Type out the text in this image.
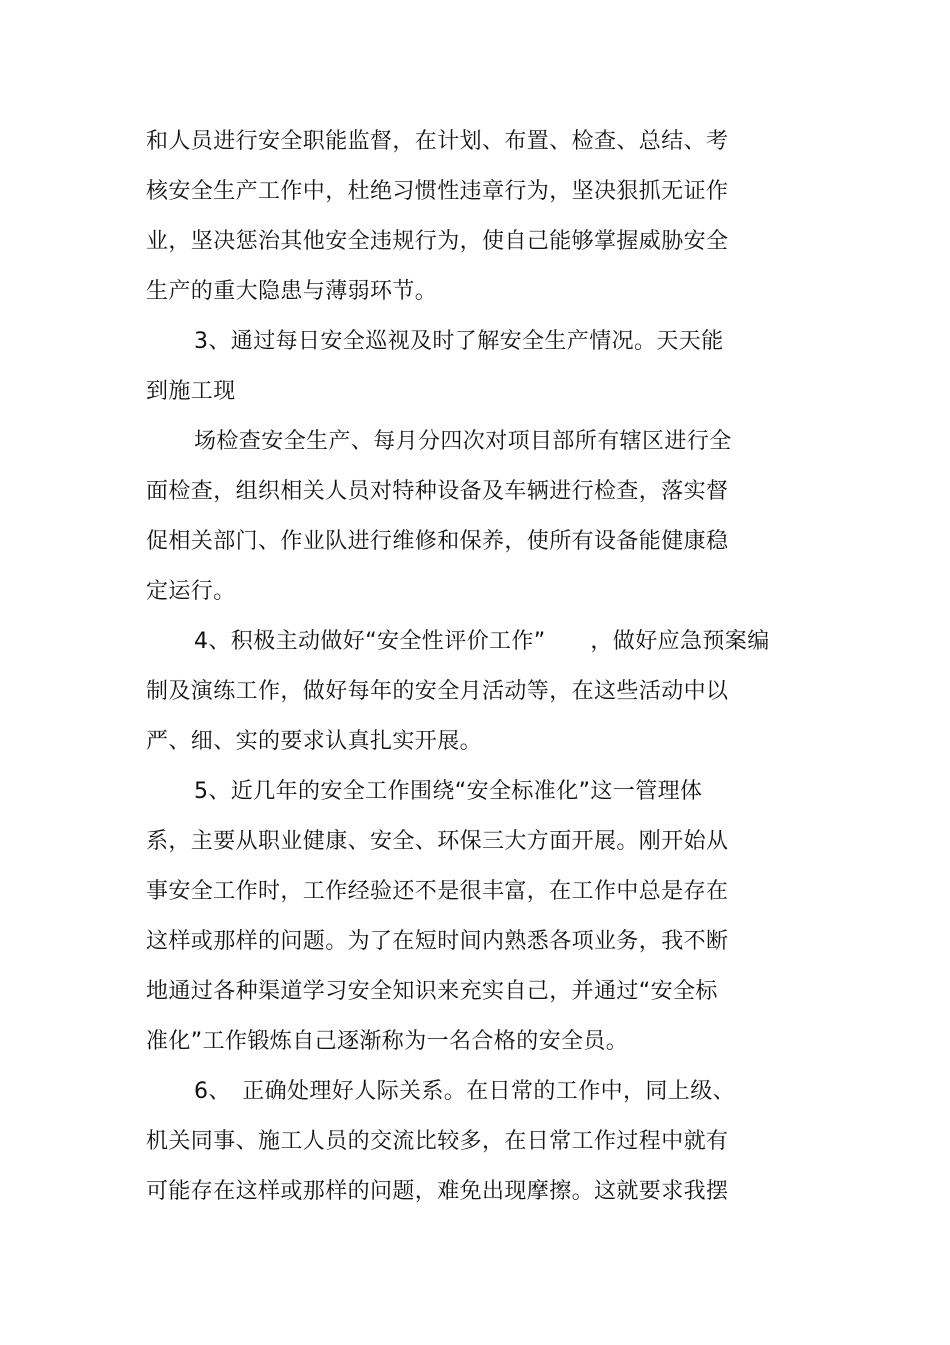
和人员进行安全职能监督，在计划、布置、检查、总结、考
核安全生产工作中，杜绝习惯性违章行为，坚决狠抓无证作
业，坚决惩治其他安全违规行为，使自己能够掌握威胁安全
生产的重大隐患与薄弱环节。
3、通过每日安全巡视及时了解安全生产情况。天天能
到施工现
场检查安全生产、每月分四次对项目部所有辖区进行全
面检查，组织相关人员对特种设备及车辆进行检查，落实督
促相关部门、作业队进行维修和保养，使所有设备能健康稳
定运行。
4、积极主动做好“安全性评价工作”　　，做好应急预案编
制及演练工作，做好每年的安全月活动等，在这些活动中以
严、细、实的要求认真扎实开展。
5、近几年的安全工作围绕“安全标准化”这一管理体
系，主要从职业健康、安全、环保三大方面开展。刚开始从
事安全工作时，工作经验还不是很丰富，在工作中总是存在
这样或那样的问题。为了在短时间内熟悉各项业务，我不断
地通过各种渠道学习安全知识来充实自己，并通过“安全标
准化”工作锻炼自己逐渐称为一名合格的安全员。
6、　正确处理好人际关系。在日常的工作中，同上级、
机关同事、施工人员的交流比较多，在日常工作过程中就有
可能存在这样或那样的问题，难免出现摩擦。这就要求我摆
